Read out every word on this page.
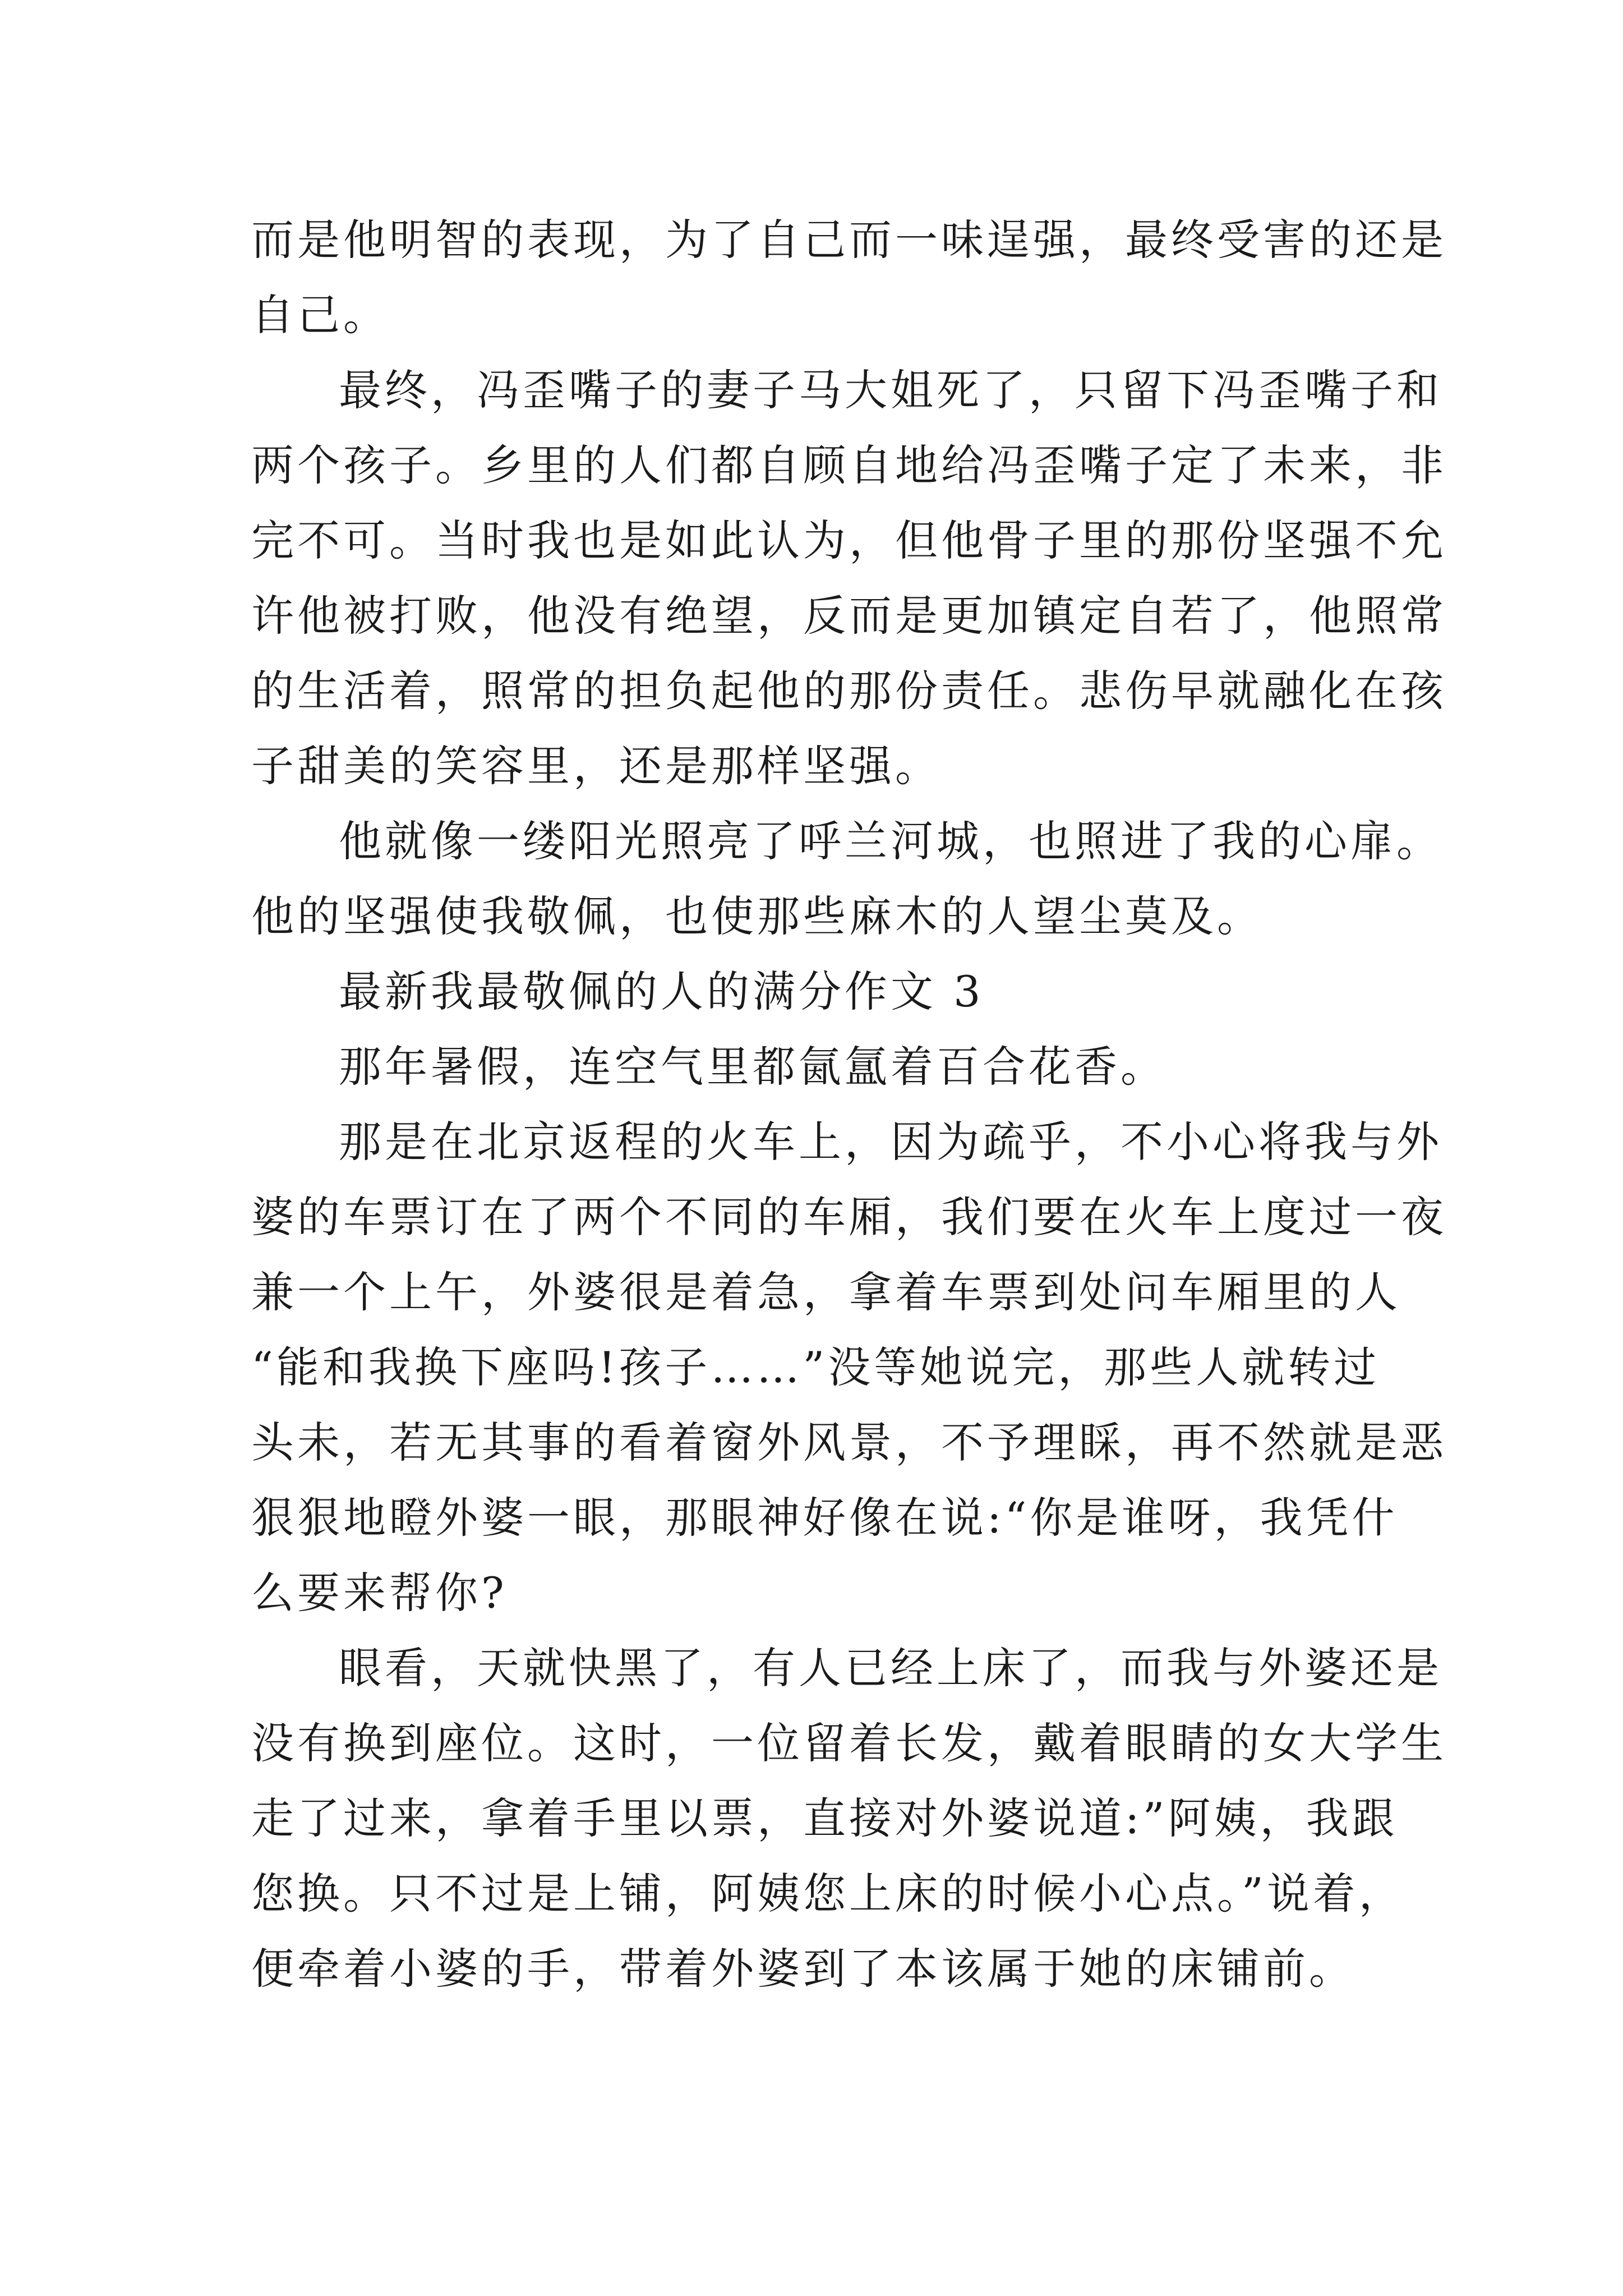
而是他明智的表现，为了自己而一味逞强，最终受害的还是
自己。
最终，冯歪嘴子的妻子马大姐死了，只留下冯歪嘴子和
两个孩子。乡里的人们都自顾自地给冯歪嘴子定了未来，非
完不可。当时我也是如此认为，但他骨子里的那份坚强不允
许他被打败，他没有绝望，反而是更加镇定自若了，他照常
的生活着，照常的担负起他的那份责任。悲伤早就融化在孩
子甜美的笑容里，还是那样坚强。
他就像一缕阳光照亮了呼兰河城，也照进了我的心扉。
他的坚强使我敬佩，也使那些麻木的人望尘莫及。
最新我最敬佩的人的满分作文 3
那年暑假，连空气里都氤氲着百合花香。
那是在北京返程的火车上，因为疏乎，不小心将我与外
婆的车票订在了两个不同的车厢，我们要在火车上度过一夜
兼一个上午，外婆很是着急，拿着车票到处问车厢里的人
“能和我换下座吗!孩子……”没等她说完，那些人就转过
头未，若无其事的看着窗外风景，不予理睬，再不然就是恶
狠狠地瞪外婆一眼，那眼神好像在说:“你是谁呀，我凭什
么要来帮你?
眼看，天就快黑了，有人已经上床了，而我与外婆还是
没有换到座位。这时，一位留着长发，戴着眼睛的女大学生
走了过来，拿着手里以票，直接对外婆说道:”阿姨，我跟
您换。只不过是上铺，阿姨您上床的时候小心点。”说着，
便牵着小婆的手，带着外婆到了本该属于她的床铺前。
